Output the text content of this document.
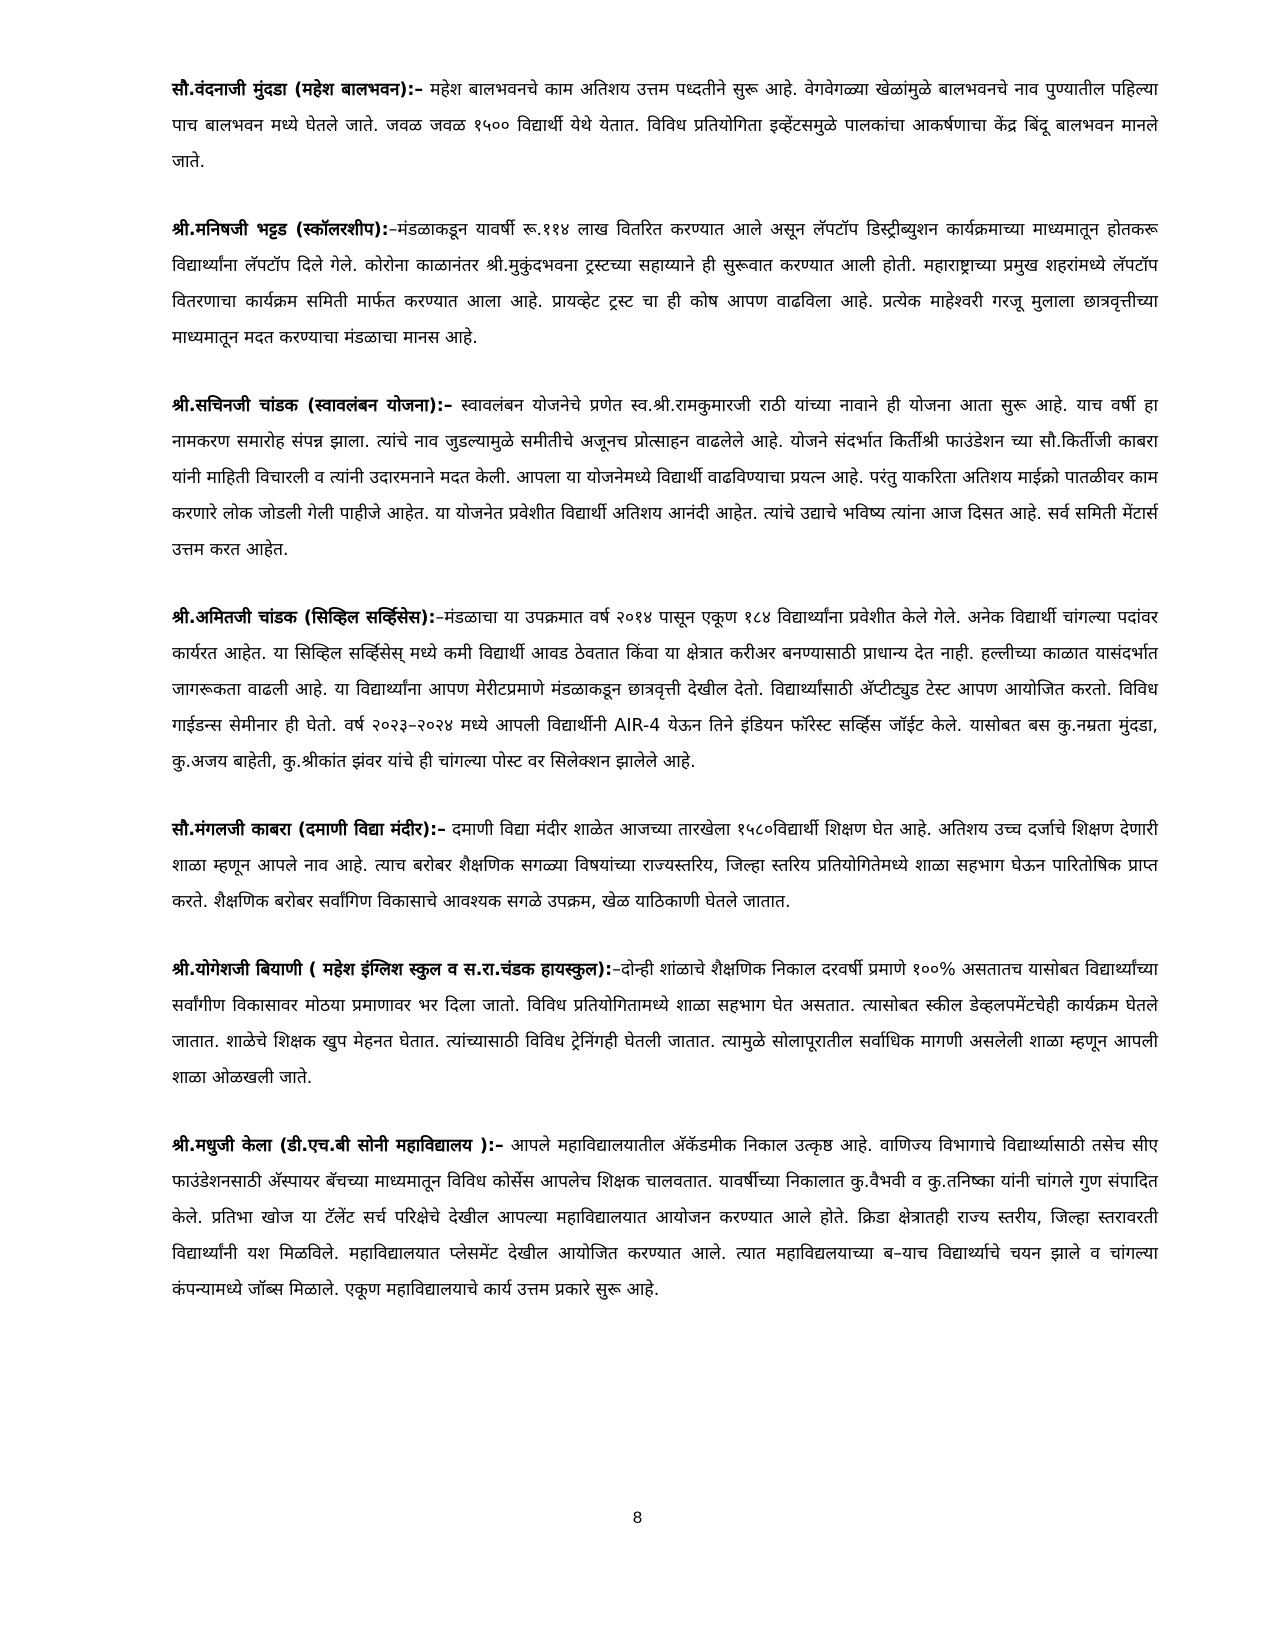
सौ.वंदनाजी मुंदडा (महेश बालभवन):– महेश बालभवनचे काम अतिशय उत्तम पध्दतीने सुरू आहे. वेगवेगळ्या खेळांमुळे बालभवनचे नाव पुण्यातील पहिल्या पाच बालभवन मध्ये घेतले जाते. जवळ जवळ १५०० विद्यार्थी येथे येतात. विविध प्रतियोगिता इव्हेंटसमुळे पालकांचा आकर्षणाचा केंद्र बिंदू बालभवन मानले जाते.

श्री.मनिषजी भट्टड (स्कॉलरशीप):–मंडळाकडून यावर्षी रू.११४ लाख वितरित करण्यात आले असून लॅपटॉप डिस्ट्रीब्युशन कार्यक्रमाच्या माध्यमातून होतकरू विद्यार्थ्यांना लॅपटॉप दिले गेले. कोरोना काळानंतर श्री.मुकुंदभवना ट्रस्टच्या सहाय्याने ही सुरूवात करण्यात आली होती. महाराष्ट्राच्या प्रमुख शहरांमध्ये लॅपटॉप वितरणाचा कार्यक्रम समिती मार्फत करण्यात आला आहे. प्रायव्हेट ट्रस्ट चा ही कोष आपण वाढविला आहे. प्रत्येक माहेश्वरी गरजू मुलाला छात्रवृत्तीच्या माध्यमातून मदत करण्याचा मंडळाचा मानस आहे.

श्री.सचिनजी चांडक (स्वावलंबन योजना):– स्वावलंबन योजनेचे प्रणेत स्व.श्री.रामकुमारजी राठी यांच्या नावाने ही योजना आता सुरू आहे. याच वर्षी हा नामकरण समारोह संपन्न झाला. त्यांचे नाव जुडल्यामुळे समीतीचे अजूनच प्रोत्साहन वाढलेले आहे. योजने संदर्भात किर्तीश्री फाउंडेशन च्या सौ.किर्तीजी काबरा यांनी माहिती विचारली व त्यांनी उदारमनाने मदत केली. आपला या योजनेमध्ये विद्यार्थी वाढविण्याचा प्रयत्न आहे. परंतु याकरिता अतिशय माईक्रो पातळीवर काम करणारे लोक जोडली गेली पाहीजे आहेत. या योजनेत प्रवेशीत विद्यार्थी अतिशय आनंदी आहेत. त्यांचे उद्याचे भविष्य त्यांना आज दिसत आहे. सर्व समिती मेंटार्स उत्तम करत आहेत.

श्री.अमितजी चांडक (सिव्हिल सर्व्हिसेस):–मंडळाचा या उपक्रमात वर्ष २०१४ पासून एकूण १८४ विद्यार्थ्यांना प्रवेशीत केले गेले. अनेक विद्यार्थी चांगल्या पदांवर कार्यरत आहेत. या सिव्हिल सर्व्हिसेस् मध्ये कमी विद्यार्थी आवड ठेवतात किंवा या क्षेत्रात करीअर बनण्यासाठी प्राधान्य देत नाही. हल्लीच्या काळात यासंदर्भात जागरूकता वाढली आहे. या विद्यार्थ्यांना आपण मेरीटप्रमाणे मंडळाकडून छात्रवृत्ती देखील देतो. विद्यार्थ्यांसाठी अ‍ॅप्टीट्युड टेस्ट आपण आयोजित करतो. विविध गाईडन्स सेमीनार ही घेतो. वर्ष २०२३–२०२४ मध्ये आपली विद्यार्थीनी AIR-4 येऊन तिने इंडियन फॉरेस्ट सर्व्हिस जॉईट केले. यासोबत बस कु.नम्रता मुंदडा, कु.अजय बाहेती, कु.श्रीकांत झंवर यांचे ही चांगल्या पोस्ट वर सिलेक्शन झालेले आहे.

सौ.मंगलजी काबरा (दमाणी विद्या मंदीर):– दमाणी विद्या मंदीर शाळेत आजच्या तारखेला १५८०विद्यार्थी शिक्षण घेत आहे. अतिशय उच्च दर्जाचे शिक्षण देणारी शाळा म्हणून आपले नाव आहे. त्याच बरोबर शैक्षणिक सगळ्या विषयांच्या राज्यस्तरिय, जिल्हा स्तरिय प्रतियोगितेमध्ये शाळा सहभाग घेऊन पारितोषिक प्राप्त करते. शैक्षणिक बरोबर सर्वांगिण विकासाचे आवश्यक सगळे उपक्रम, खेळ याठिकाणी घेतले जातात.

श्री.योगेशजी बियाणी ( महेश इंग्लिश स्कुल व स.रा.चंडक हायस्कुल):–दोन्ही शांळाचे शैक्षणिक निकाल दरवर्षी प्रमाणे १००% असतातच यासोबत विद्यार्थ्यांच्या सर्वांगीण विकासावर मोठया प्रमाणावर भर दिला जातो. विविध प्रतियोगितामध्ये शाळा सहभाग घेत असतात. त्यासोबत स्कील डेव्हलपमेंटचेही कार्यक्रम घेतले जातात. शाळेचे शिक्षक खुप मेहनत घेतात. त्यांच्यासाठी विविध ट्रेनिंगही घेतली जातात. त्यामुळे सोलापूरातील सर्वाधिक मागणी असलेली शाळा म्हणून आपली शाळा ओळखली जाते.

श्री.मधुजी केला (डी.एच.बी सोनी महाविद्यालय ):– आपले महाविद्यालयातील अ‍ॅकॅडमीक निकाल उत्कृष्ठ आहे. वाणिज्य विभागाचे विद्यार्थ्यासाठी तसेच सीए फाउंडेशनसाठी अ‍ॅस्पायर बॅचच्या माध्यमातून विविध कोर्सेस आपलेच शिक्षक चालवतात. यावर्षीच्या निकालात कु.वैभवी व कु.तनिष्का यांनी चांगले गुण संपादित केले. प्रतिभा खोज या टॅलेंट सर्च परिक्षेचे देखील आपल्या महाविद्यालयात आयोजन करण्यात आले होते. क्रिडा क्षेत्रातही राज्य स्तरीय, जिल्हा स्तरावरती विद्यार्थ्यांनी यश मिळविले. महाविद्यालयात प्लेसमेंट देखील आयोजित करण्यात आले. त्यात महाविद्यलयाच्या ब–याच विद्यार्थ्याचे चयन झाले व चांगल्या कंपन्यामध्ये जॉब्स मिळाले. एकूण महाविद्यालयाचे कार्य उत्तम प्रकारे सुरू आहे.

8
